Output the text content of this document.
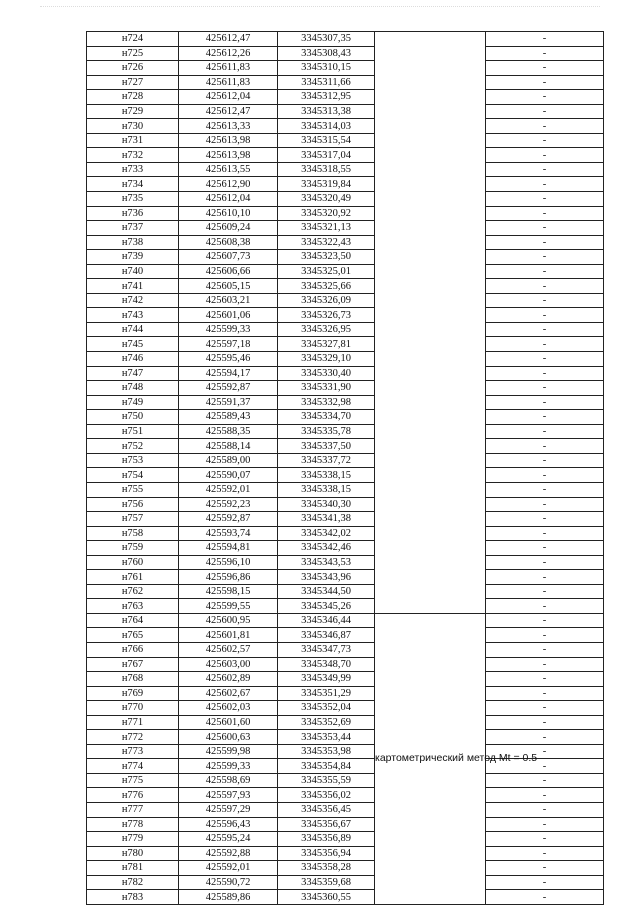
н724	425612,47	3345307,35		-
н725	425612,26	3345308,43		-
н726	425611,83	3345310,15		-
н727	425611,83	3345311,66		-
н728	425612,04	3345312,95		-
н729	425612,47	3345313,38		-
н730	425613,33	3345314,03		-
н731	425613,98	3345315,54		-
н732	425613,98	3345317,04		-
н733	425613,55	3345318,55		-
н734	425612,90	3345319,84		-
н735	425612,04	3345320,49		-
н736	425610,10	3345320,92		-
н737	425609,24	3345321,13		-
н738	425608,38	3345322,43		-
н739	425607,73	3345323,50		-
н740	425606,66	3345325,01		-
н741	425605,15	3345325,66		-
н742	425603,21	3345326,09		-
н743	425601,06	3345326,73		-
н744	425599,33	3345326,95		-
н745	425597,18	3345327,81		-
н746	425595,46	3345329,10		-
н747	425594,17	3345330,40		-
н748	425592,87	3345331,90		-
н749	425591,37	3345332,98		-
н750	425589,43	3345334,70		-
н751	425588,35	3345335,78		-
н752	425588,14	3345337,50		-
н753	425589,00	3345337,72		-
н754	425590,07	3345338,15		-
н755	425592,01	3345338,15		-
н756	425592,23	3345340,30		-
н757	425592,87	3345341,38		-
н758	425593,74	3345342,02		-
н759	425594,81	3345342,46		-
н760	425596,10	3345343,53		-
н761	425596,86	3345343,96		-
н762	425598,15	3345344,50		-
н763	425599,55	3345345,26		-
н764	425600,95	3345346,44	картометрический метод Mt = 0.5	-
н765	425601,81	3345346,87		-
н766	425602,57	3345347,73		-
н767	425603,00	3345348,70		-
н768	425602,89	3345349,99		-
н769	425602,67	3345351,29		-
н770	425602,03	3345352,04		-
н771	425601,60	3345352,69		-
н772	425600,63	3345353,44		-
н773	425599,98	3345353,98		-
н774	425599,33	3345354,84		-
н775	425598,69	3345355,59		-
н776	425597,93	3345356,02		-
н777	425597,29	3345356,45		-
н778	425596,43	3345356,67		-
н779	425595,24	3345356,89		-
н780	425592,88	3345356,94		-
н781	425592,01	3345358,28		-
н782	425590,72	3345359,68		-
н783	425589,86	3345360,55		-
